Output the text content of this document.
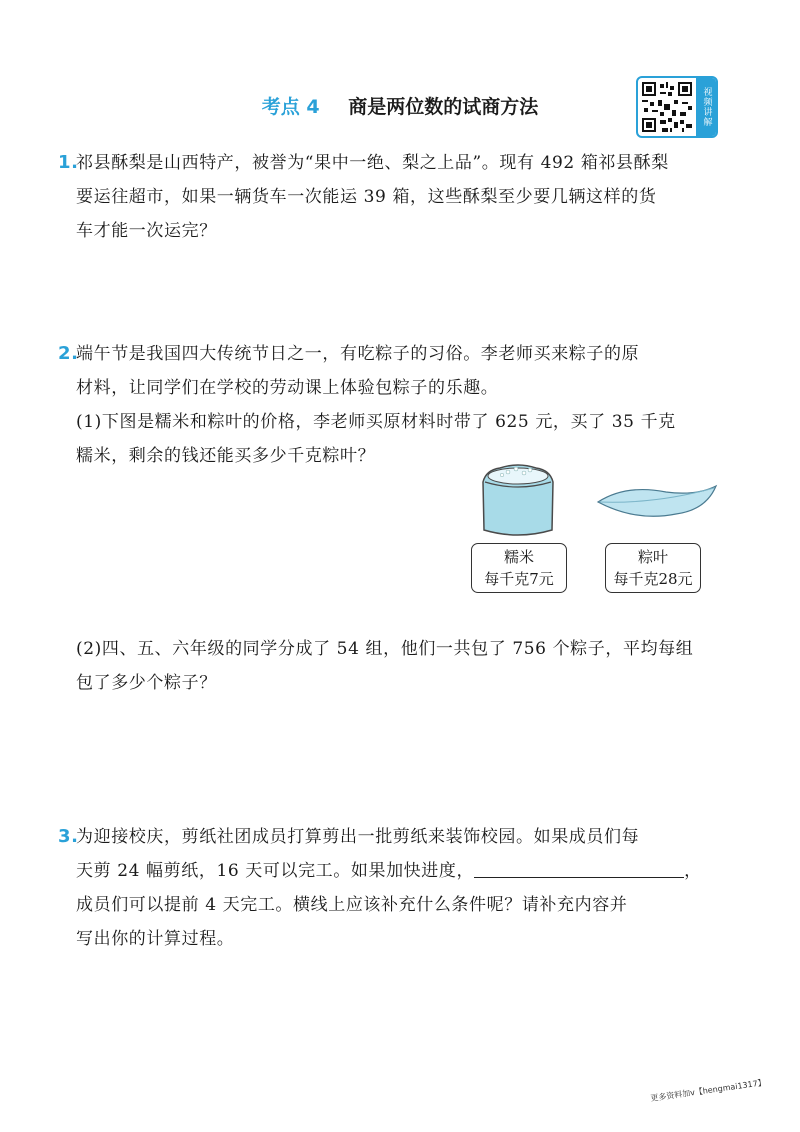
考点 4 商是两位数的试商方法	视频讲解
1.
祁县酥梨是山西特产，被誉为“果中一绝、梨之上品”。现有 492 箱祁县酥梨
要运往超市，如果一辆货车一次能运 39 箱，这些酥梨至少要几辆这样的货
车才能一次运完？
2.
端午节是我国四大传统节日之一，有吃粽子的习俗。李老师买来粽子的原
材料，让同学们在学校的劳动课上体验包粽子的乐趣。
(1)下图是糯米和粽叶的价格，李老师买原材料时带了 625 元，买了 35 千克
糯米，剩余的钱还能买多少千克粽叶？
糯米
每千克7元
粽叶
每千克28元
(2)四、五、六年级的同学分成了 54 组，他们一共包了 756 个粽子，平均每组
包了多少个粽子？
3.
为迎接校庆，剪纸社团成员打算剪出一批剪纸来装饰校园。如果成员们每
天剪 24 幅剪纸，16 天可以完工。如果加快进度，	，
成员们可以提前 4 天完工。横线上应该补充什么条件呢？请补充内容并
写出你的计算过程。
更多资料加v【hengmai1317】
